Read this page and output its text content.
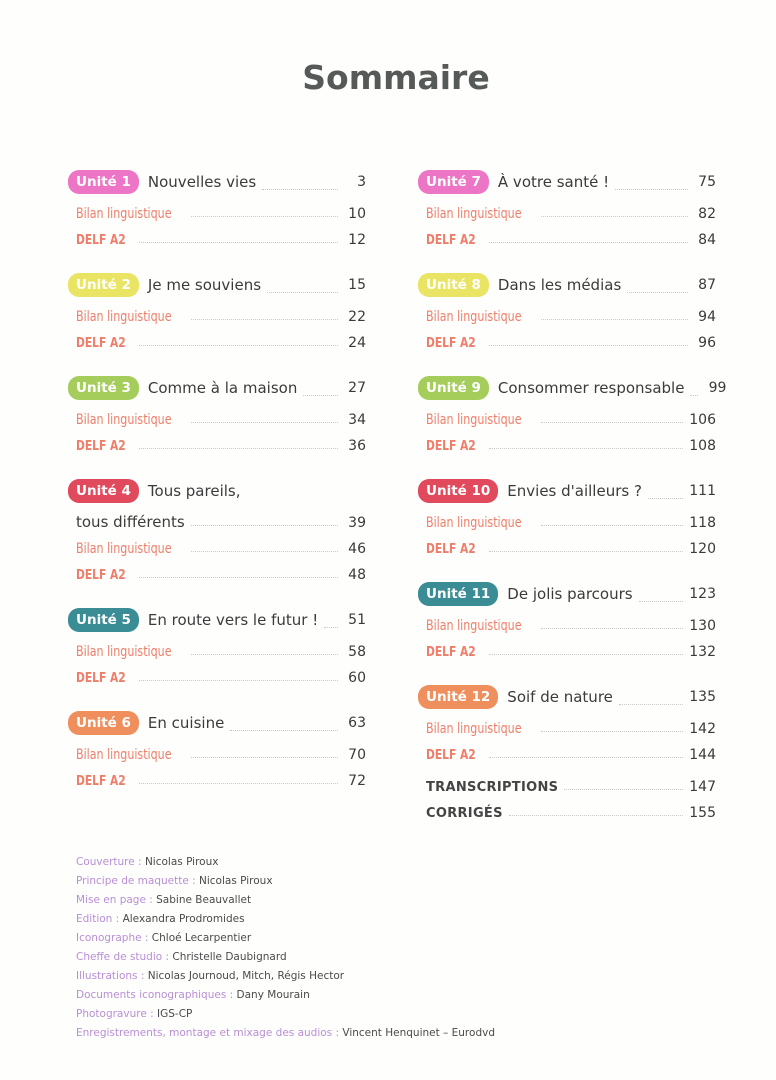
Sommaire
Unité 1	Nouvelles vies	3
Bilan linguistique	10
DELF A2	12
Unité 2	Je me souviens	15
Bilan linguistique	22
DELF A2	24
Unité 3	Comme à la maison	27
Bilan linguistique	34
DELF A2	36
Unité 4	Tous pareils,
tous différents	39
Bilan linguistique	46
DELF A2	48
Unité 5	En route vers le futur ! 51
Bilan linguistique	58
DELF A2	60
Unité 6	En cuisine	63
Bilan linguistique	70
DELF A2	72
Unité 7	À votre santé !	75
Bilan linguistique	82
DELF A2	84
Unité 8	Dans les médias	87
Bilan linguistique	94
DELF A2	96
Unité 9	Consommer responsable 99
Bilan linguistique	106
DELF A2	108
Unité 10	Envies d'ailleurs ?	111
Bilan linguistique	118
DELF A2	120
Unité 11	De jolis parcours	123
Bilan linguistique	130
DELF A2	132
Unité 12	Soif de nature	135
Bilan linguistique	142
DELF A2	144
TRANSCRIPTIONS	147
CORRIGÉS	155
Couverture : Nicolas Piroux
Principe de maquette : Nicolas Piroux
Mise en page : Sabine Beauvallet
Edition : Alexandra Prodromides
Iconographe : Chloé Lecarpentier
Cheffe de studio : Christelle Daubignard
Illustrations : Nicolas Journoud, Mitch, Régis Hector
Documents iconographiques : Dany Mourain
Photogravure : IGS-CP
Enregistrements, montage et mixage des audios : Vincent Henquinet – Eurodvd
